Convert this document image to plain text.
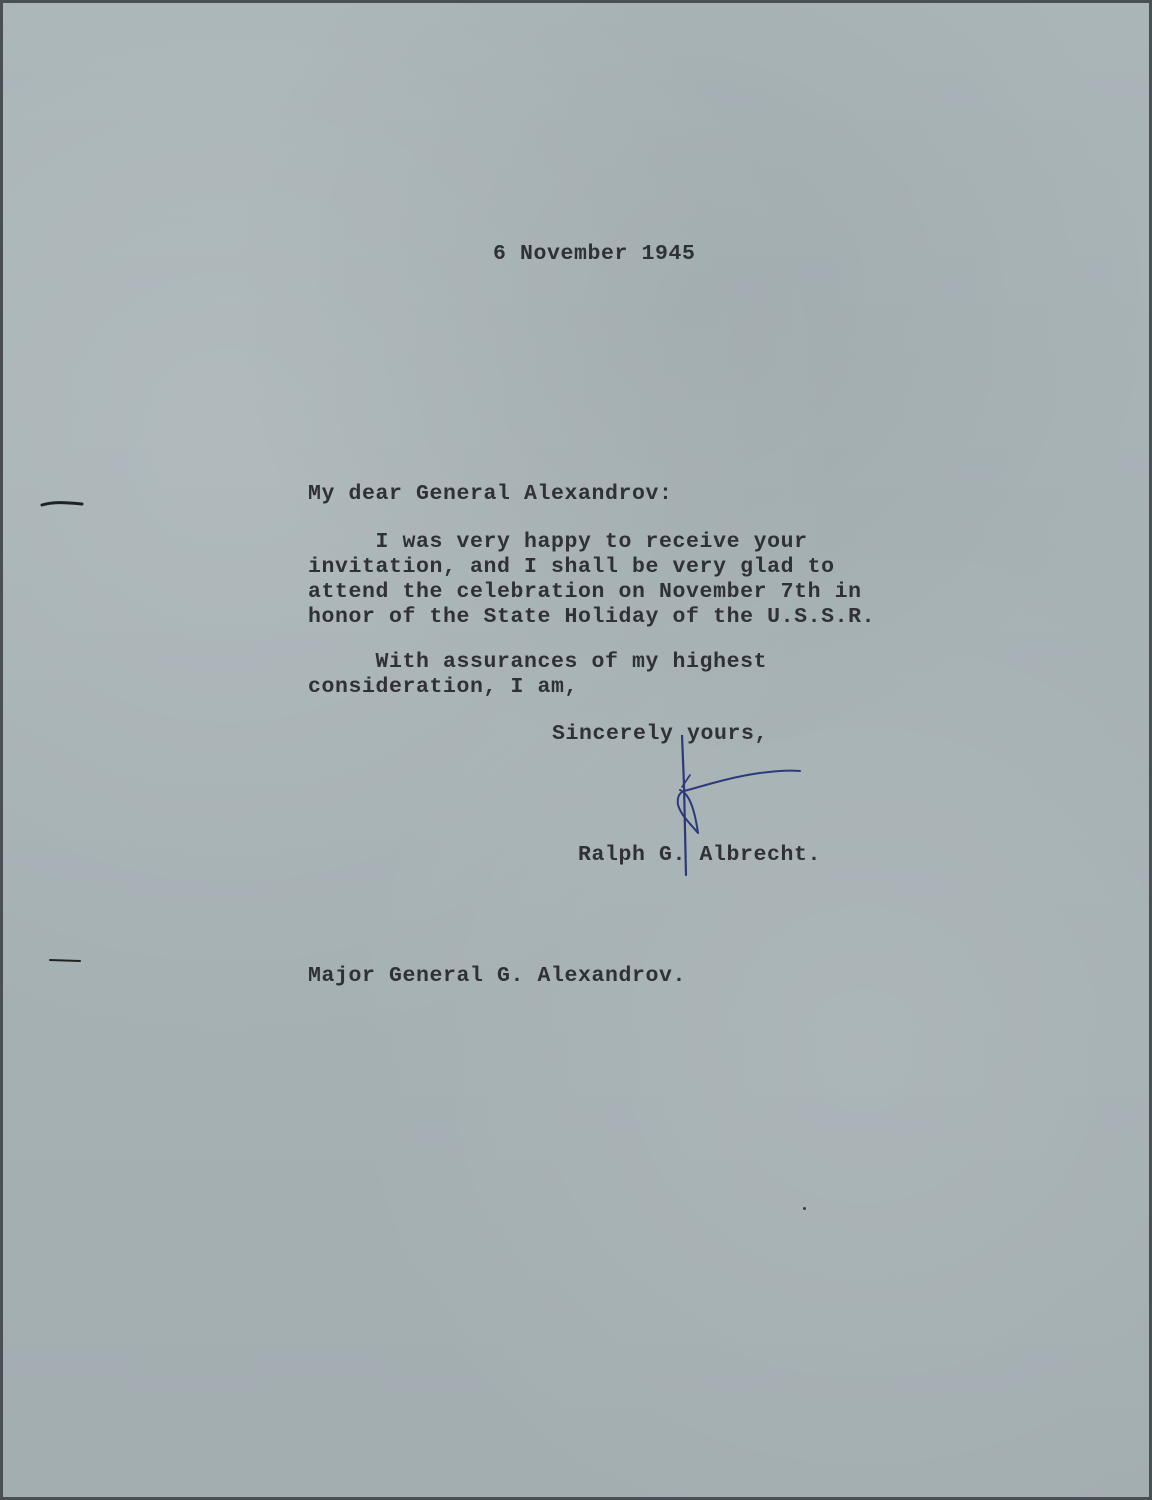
6 November 1945
My dear General Alexandrov:
I was very happy to receive your
invitation, and I shall be very glad to
attend the celebration on November 7th in
honor of the State Holiday of the U.S.S.R.
With assurances of my highest
consideration, I am,
Sincerely yours,
Ralph G. Albrecht.
Major General G. Alexandrov.
